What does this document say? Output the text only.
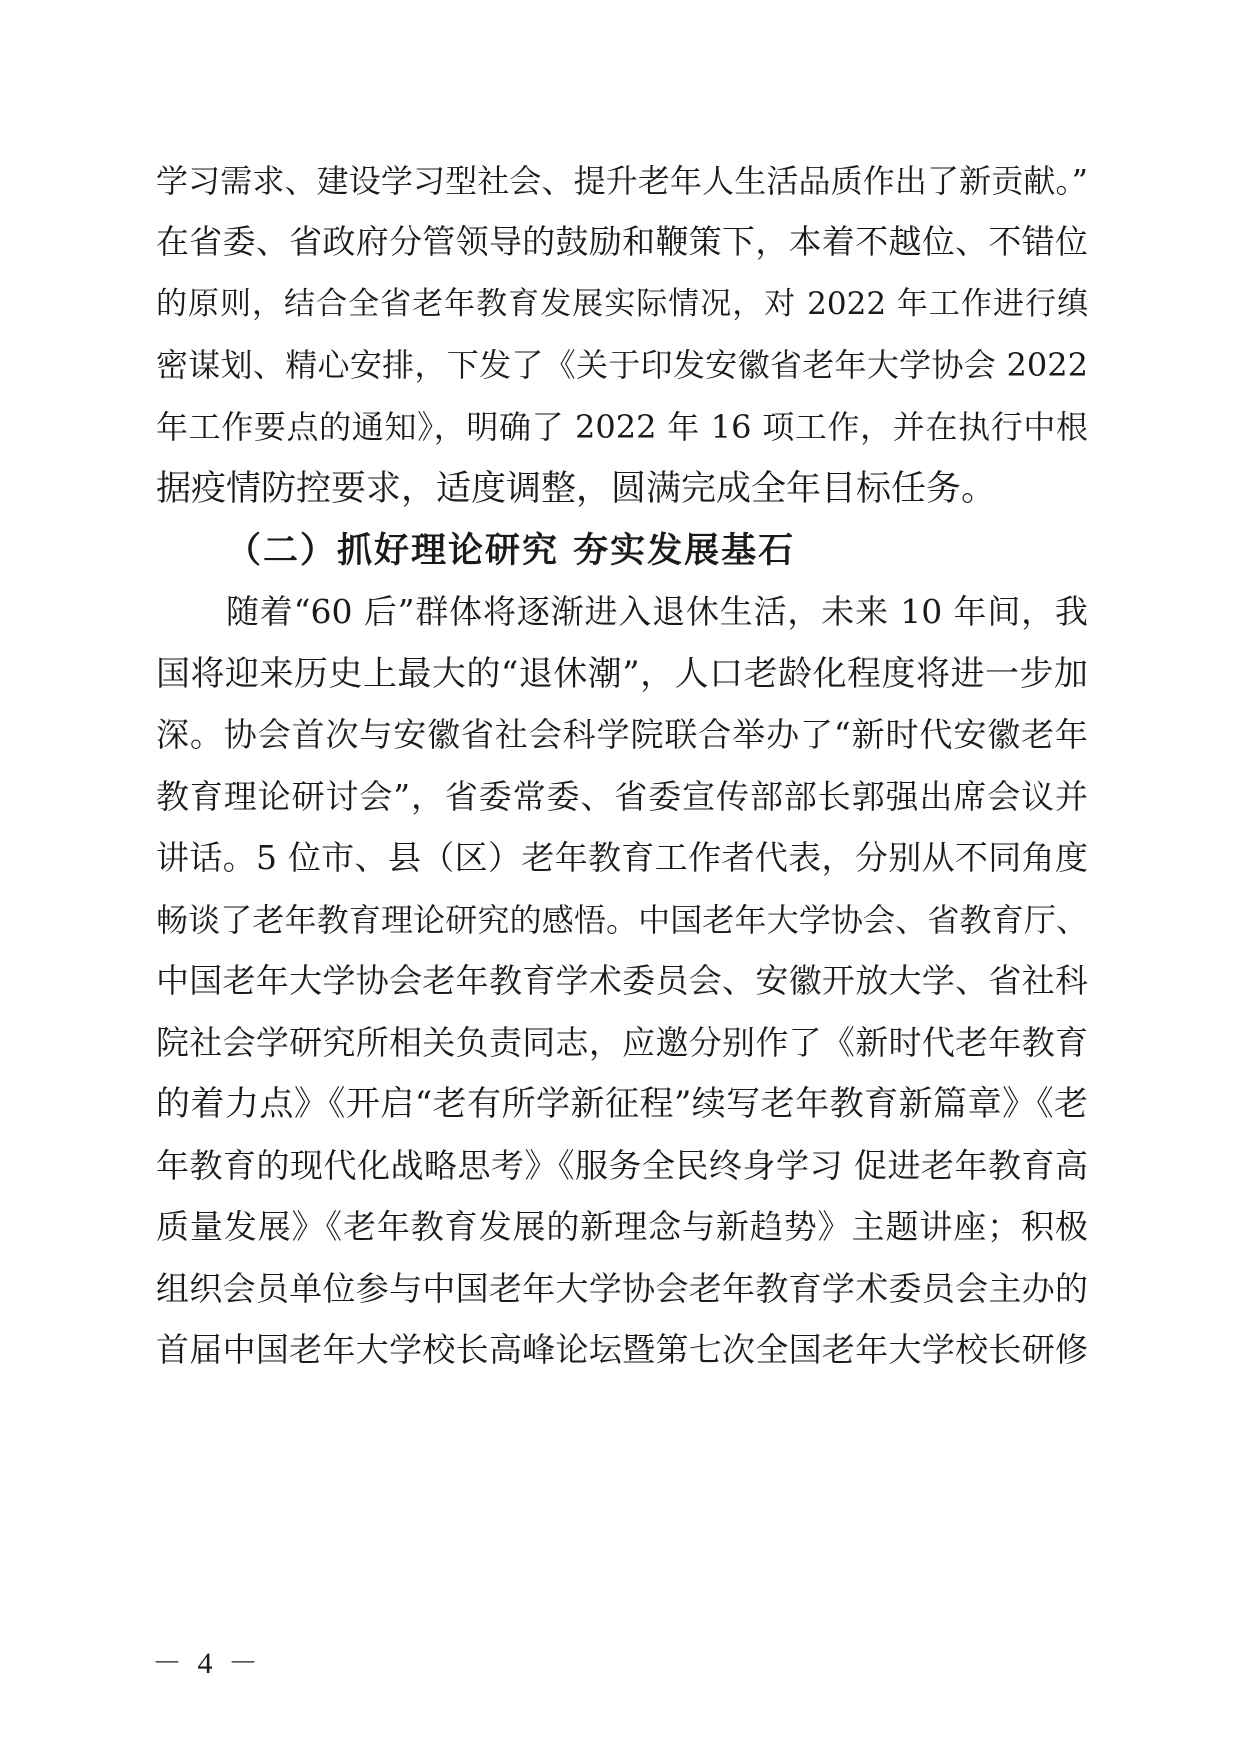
学习需求、建设学习型社会、提升老年人生活品质作出了新贡献。”
在省委、省政府分管领导的鼓励和鞭策下，本着不越位、不错位
的原则，结合全省老年教育发展实际情况，对 2022 年工作进行缜
密谋划、精心安排，下发了《关于印发安徽省老年大学协会 2022
年工作要点的通知》，明确了 2022 年 16 项工作，并在执行中根
据疫情防控要求，适度调整，圆满完成全年目标任务。
（二）抓好理论研究 夯实发展基石
随着“60 后”群体将逐渐进入退休生活，未来 10 年间，我
国将迎来历史上最大的“退休潮”，人口老龄化程度将进一步加
深。协会首次与安徽省社会科学院联合举办了“新时代安徽老年
教育理论研讨会”，省委常委、省委宣传部部长郭强出席会议并
讲话。5 位市、县（区）老年教育工作者代表，分别从不同角度
畅谈了老年教育理论研究的感悟。中国老年大学协会、省教育厅、
中国老年大学协会老年教育学术委员会、安徽开放大学、省社科
院社会学研究所相关负责同志，应邀分别作了《新时代老年教育
的着力点》《开启“老有所学新征程”续写老年教育新篇章》《老
年教育的现代化战略思考》《服务全民终身学习 促进老年教育高
质量发展》《老年教育发展的新理念与新趋势》主题讲座；积极
组织会员单位参与中国老年大学协会老年教育学术委员会主办的
首届中国老年大学校长高峰论坛暨第七次全国老年大学校长研修
－ 4 －
